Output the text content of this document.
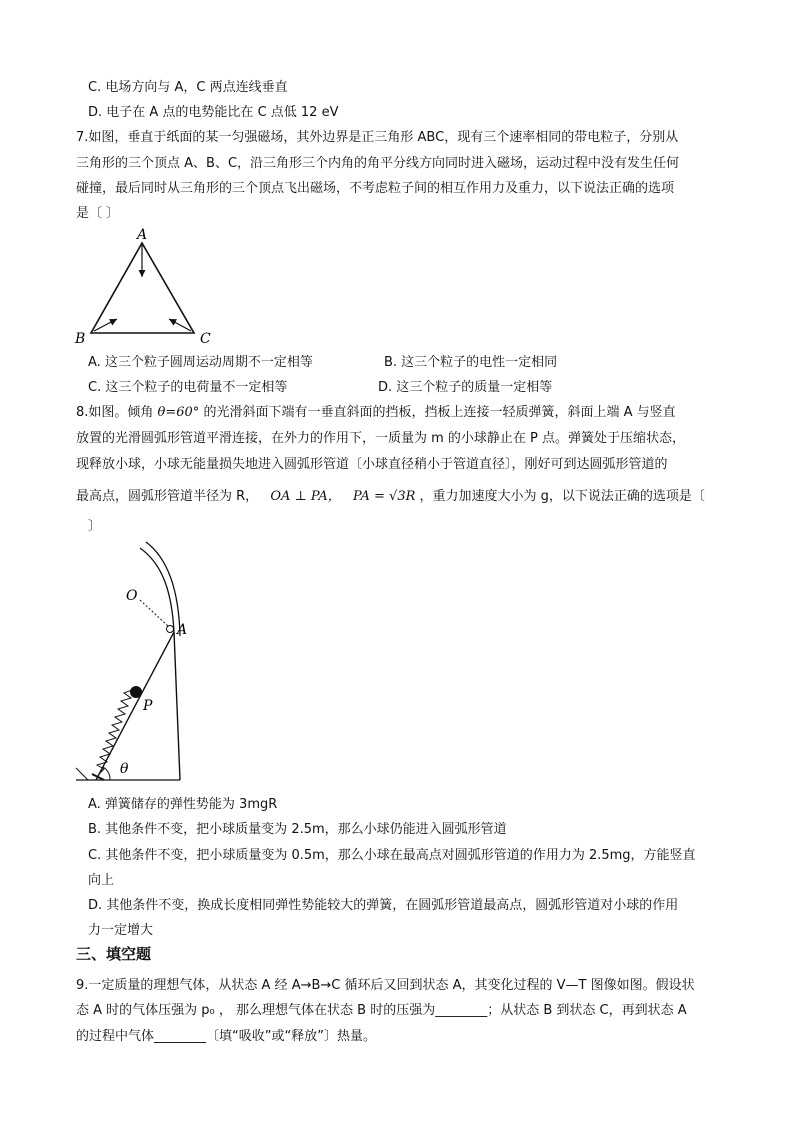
C. 电场方向与 A，C 两点连线垂直
D. 电子在 A 点的电势能比在 C 点低 12 eV
7.如图，垂直于纸面的某一匀强磁场，其外边界是正三角形 ABC，现有三个速率相同的带电粒子，分别从
三角形的三个顶点 A、B、C，沿三角形三个内角的角平分线方向同时进入磁场，运动过程中没有发生任何
碰撞，最后同时从三角形的三个顶点飞出磁场，不考虑粒子间的相互作用力及重力，以下说法正确的选项
是〔 〕
A
B	C
A. 这三个粒子圆周运动周期不一定相等	B. 这三个粒子的电性一定相同
C. 这三个粒子的电荷量不一定相等	D. 这三个粒子的质量一定相等
8.如图。倾角 θ=60° 的光滑斜面下端有一垂直斜面的挡板，挡板上连接一轻质弹簧，斜面上端 A 与竖直
放置的光滑圆弧形管道平滑连接，在外力的作用下，一质量为 m 的小球静止在 P 点。弹簧处于压缩状态，
现释放小球，小球无能量损失地进入圆弧形管道〔小球直径稍小于管道直径〕，刚好可到达圆弧形管道的
最高点，圆弧形管道半径为 R， OA ⊥ PA， PA = √3R ，重力加速度大小为 g，以下说法正确的选项是〔
〕
O
A
P
θ
A. 弹簧储存的弹性势能为 3mgR
B. 其他条件不变，把小球质量变为 2.5m，那么小球仍能进入圆弧形管道
C. 其他条件不变，把小球质量变为 0.5m，那么小球在最高点对圆弧形管道的作用力为 2.5mg，方能竖直
向上
D. 其他条件不变，换成长度相同弹性势能较大的弹簧，在圆弧形管道最高点，圆弧形管道对小球的作用
力一定增大
三、填空题
9.一定质量的理想气体，从状态 A 经 A→B→C 循环后又回到状态 A，其变化过程的 V—T 图像如图。假设状
态 A 时的气体压强为 p₀ ， 那么理想气体在状态 B 时的压强为________；从状态 B 到状态 C，再到状态 A
的过程中气体________〔填“吸收”或“释放”〕热量。
